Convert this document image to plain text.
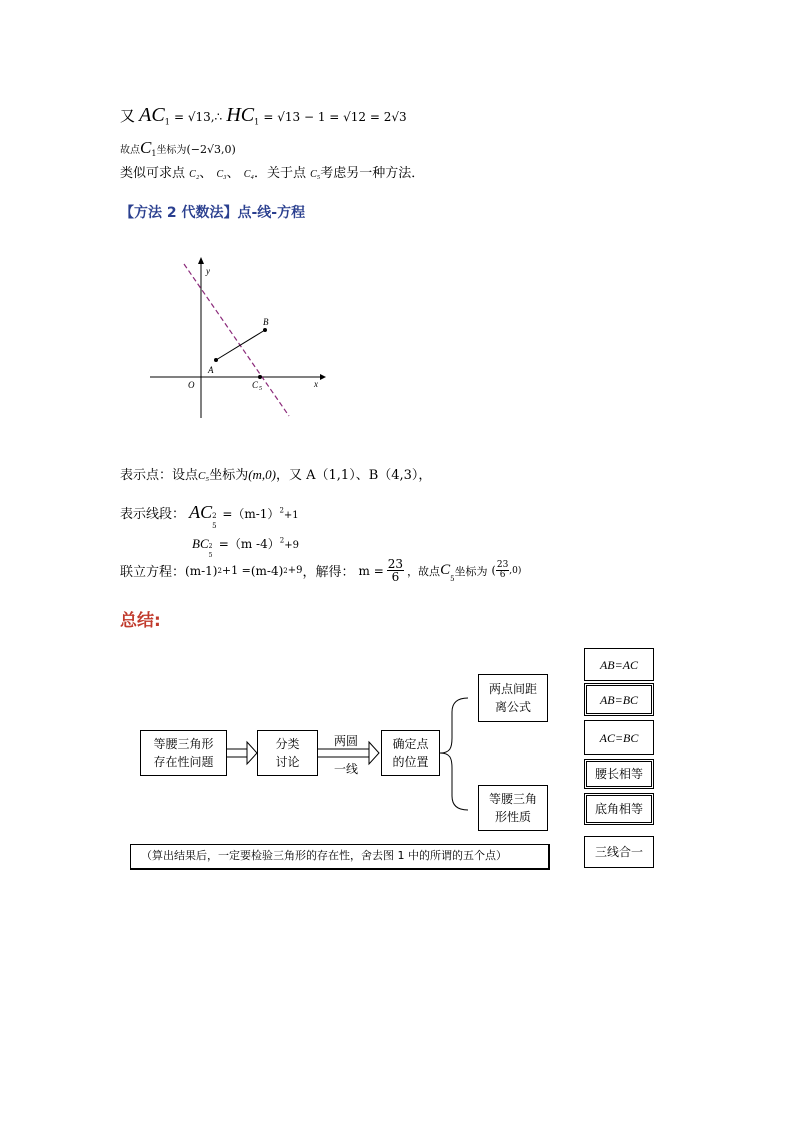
又 $AC_1$ = √13,∴ $HC_1 = √13 - 1 = √12 = 2√3$
故点$C_1$坐标为(−2√3,0)
类似可求点 C₂、 C₃、 C₄．关于点 C₅考虑另一种方法．
【方法 2 代数法】点-线-方程
y
x
O
A
B
C 5
表示点：设点C₅坐标为(m,0)，又 A（1,1）、B（4,3），
表示线段： AC 2
5
$=(m-1)^2+1$
BC 2
5
=（m -4）$^2$+9
联立方程： (m-1) 2 +1 = (m-4) 2 +9 ，解得： $m = \frac{23}{6}$ ，故点 C
5
坐标为 ( $\frac{23}{6} ,0$)
总结:
等腰三角形
存在性问题
分类
讨论
两圆
一线
确定点
的位置
两点间距
离公式
等腰三角
形性质
（算出结果后，一定要检验三角形的存在性，舍去图 1 中的所谓的五个点）
AB=AC
AB=BC
AC=BC
腰长相等
底角相等
三线合一
